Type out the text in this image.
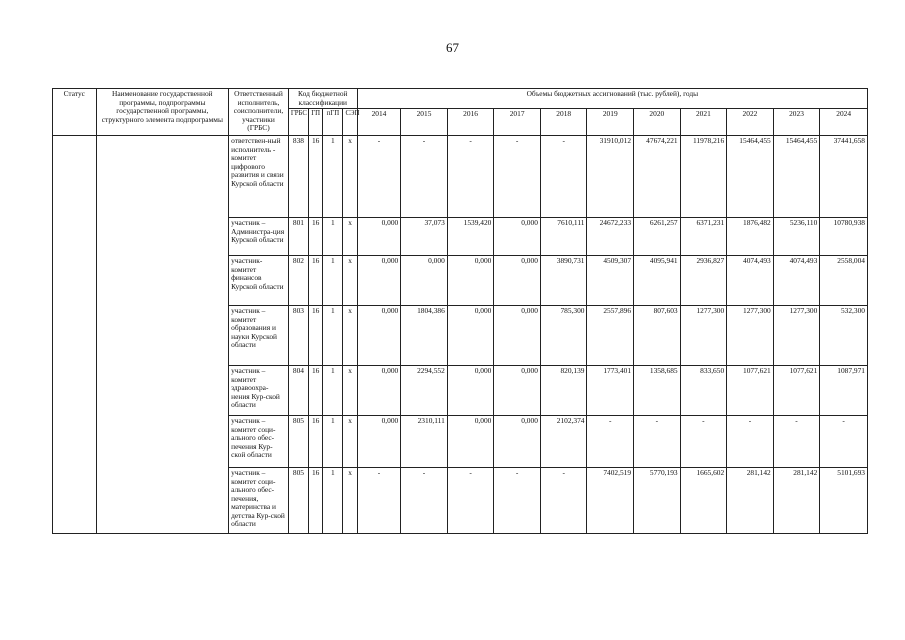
67
Статус	Наименование государственной программы, подпрограммы государственной программы, структурного элемента подпрограммы	Ответственный исполнитель, соисполнители, участники (ГРБС)	Код бюджетной классификации				Объемы бюджетных ассигнований (тыс. рублей), годы										
			ГРБС	ГП	пГП	СЭП	2014	2015	2016	2017	2018	2019	2020	2021	2022	2023	2024
		ответствен-ный исполнитель - комитет цифрового развития и связи Курской области	838	16	1	х	-	-	-	-	-	31910,012	47674,221	11978,216	15464,455	15464,455	37441,658
		участник – Администра-ция Курской области	801	16	1	х	0,000	37,073	1539,420	0,000	7610,111	24672,233	6261,257	6371,231	1876,482	5236,110	10780,938
		участник-комитет финансов Курской области	802	16	1	х	0,000	0,000	0,000	0,000	3890,731	4509,307	4095,941	2936,827	4074,493	4074,493	2558,004
		участник – комитет образования и науки Курской области	803	16	1	х	0,000	1804,386	0,000	0,000	785,300	2557,896	807,603	1277,300	1277,300	1277,300	532,300
		участник – комитет здравоохра-нения Кур-ской области	804	16	1	х	0,000	2294,552	0,000	0,000	820,139	1773,401	1358,685	833,650	1077,621	1077,621	1087,971
		участник – комитет соци-ального обес-печения Кур-ской области	805	16	1	х	0,000	2310,111	0,000	0,000	2102,374	-	-	-	-	-	-
		участник – комитет соци-ального обес-печения, материнства и детства Кур-ской области	805	16	1	х	-	-	-	-	-	7402,519	5770,193	1665,602	281,142	281,142	5101,693
